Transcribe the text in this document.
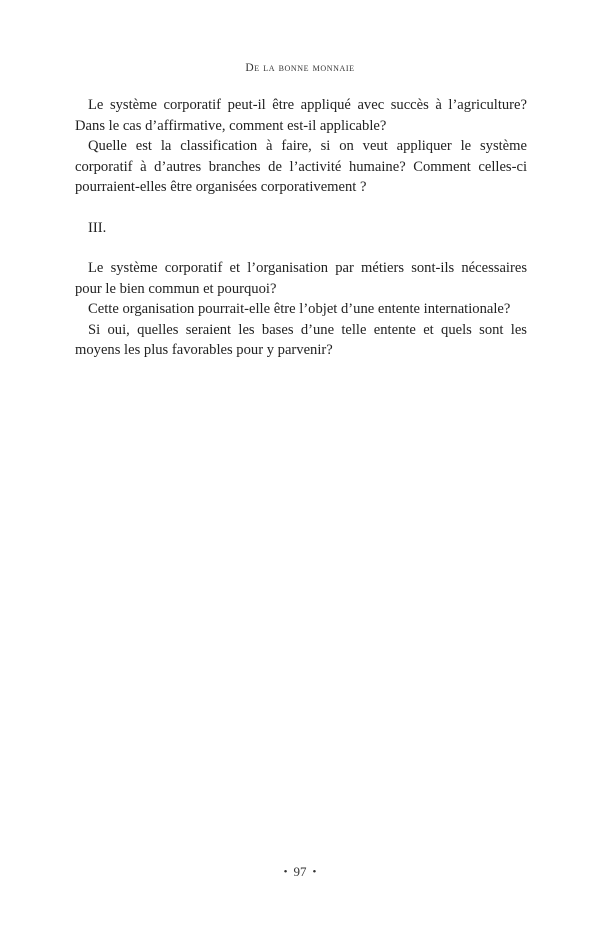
De la bonne monnaie

Le système corporatif peut-il être appliqué avec succès à l’agriculture? Dans le cas d’affirmative, comment est-il applicable?

Quelle est la classification à faire, si on veut appliquer le système corporatif à d’autres branches de l’activité humaine? Comment celles-ci pourraient-elles être organisées corporativement ?

III.

Le système corporatif et l’organisation par métiers sont-ils nécessaires pour le bien commun et pourquoi?

Cette organisation pourrait-elle être l’objet d’une entente internationale?

Si oui, quelles seraient les bases d’une telle entente et quels sont les moyens les plus favorables pour y parvenir?

• 97 •
